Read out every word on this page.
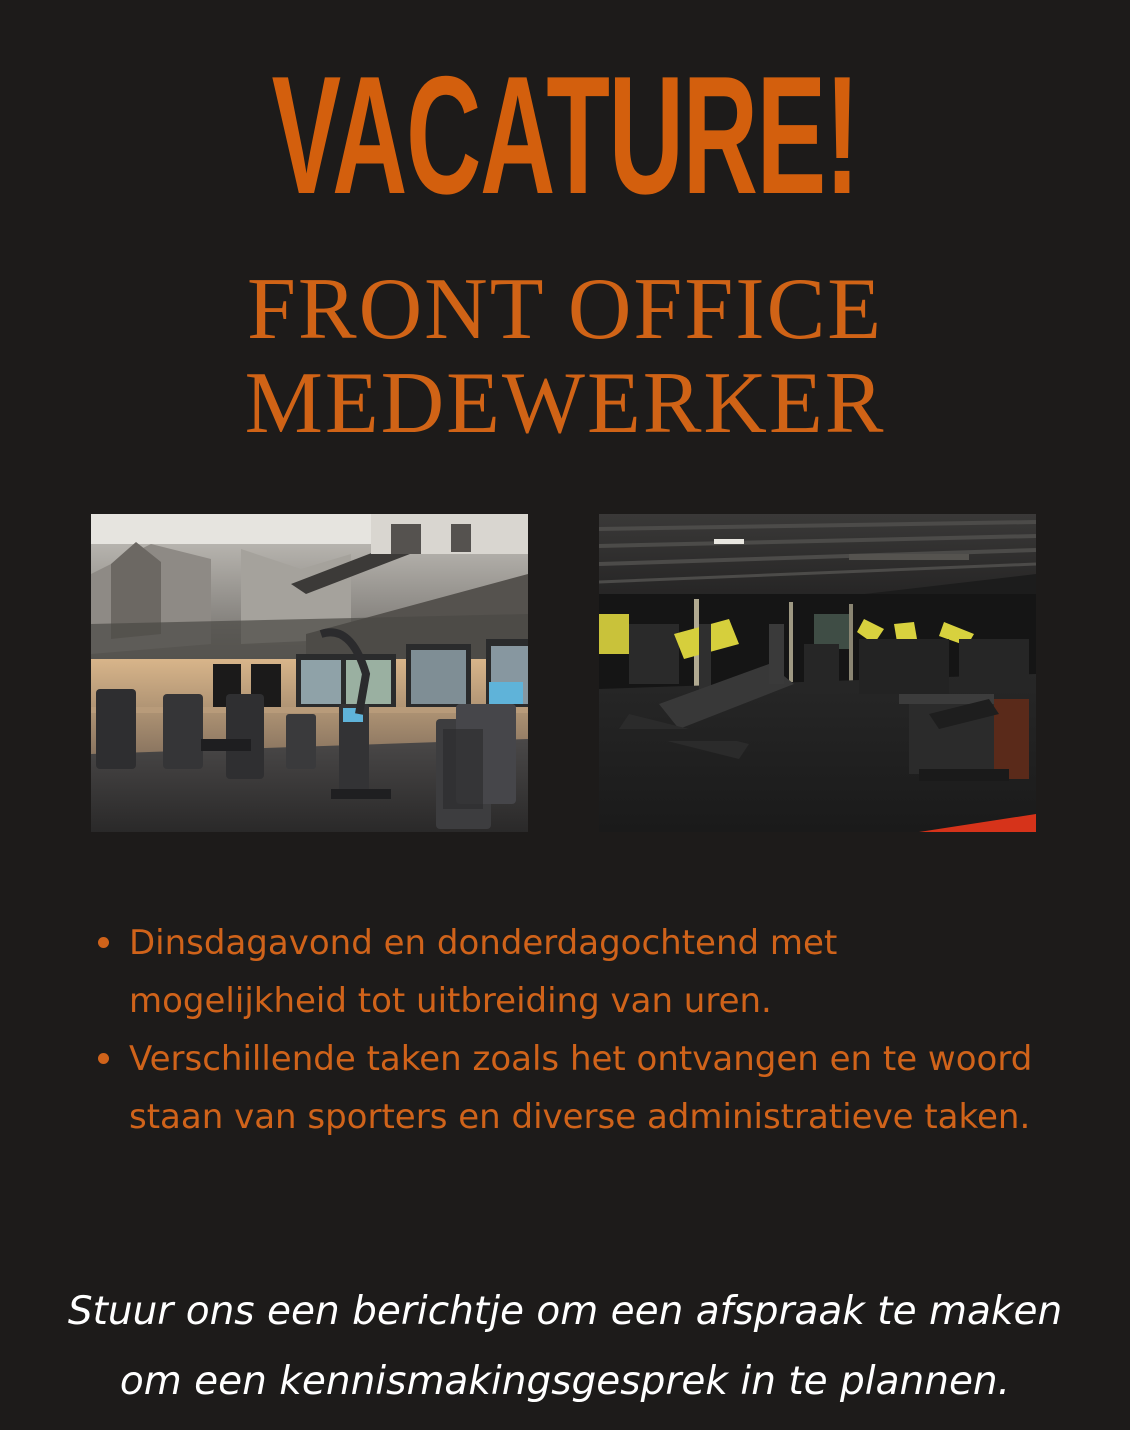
VACATURE!
FRONT OFFICE
MEDEWERKER
Dinsdagavond en donderdagochtend met mogelijkheid tot uitbreiding van uren.
Verschillende taken zoals het ontvangen en te woord staan van sporters en diverse administratieve taken.
Stuur ons een berichtje om een afspraak te maken
om een kennismakingsgesprek in te plannen.
